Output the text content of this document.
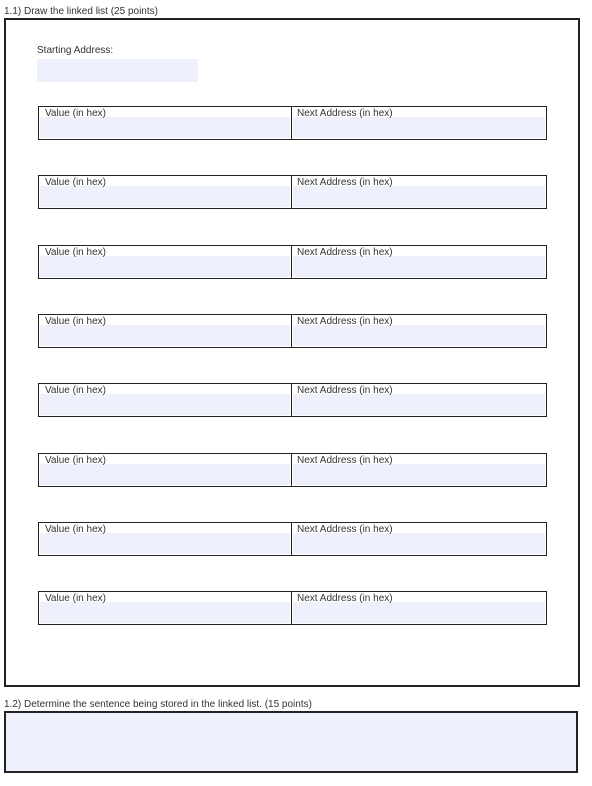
1.1) Draw the linked list (25 points)
Starting Address:
Value (in hex)	Next Address (in hex)
Value (in hex)	Next Address (in hex)
Value (in hex)	Next Address (in hex)
Value (in hex)	Next Address (in hex)
Value (in hex)	Next Address (in hex)
Value (in hex)	Next Address (in hex)
Value (in hex)	Next Address (in hex)
Value (in hex)	Next Address (in hex)
1.2) Determine the sentence being stored in the linked list. (15 points)
